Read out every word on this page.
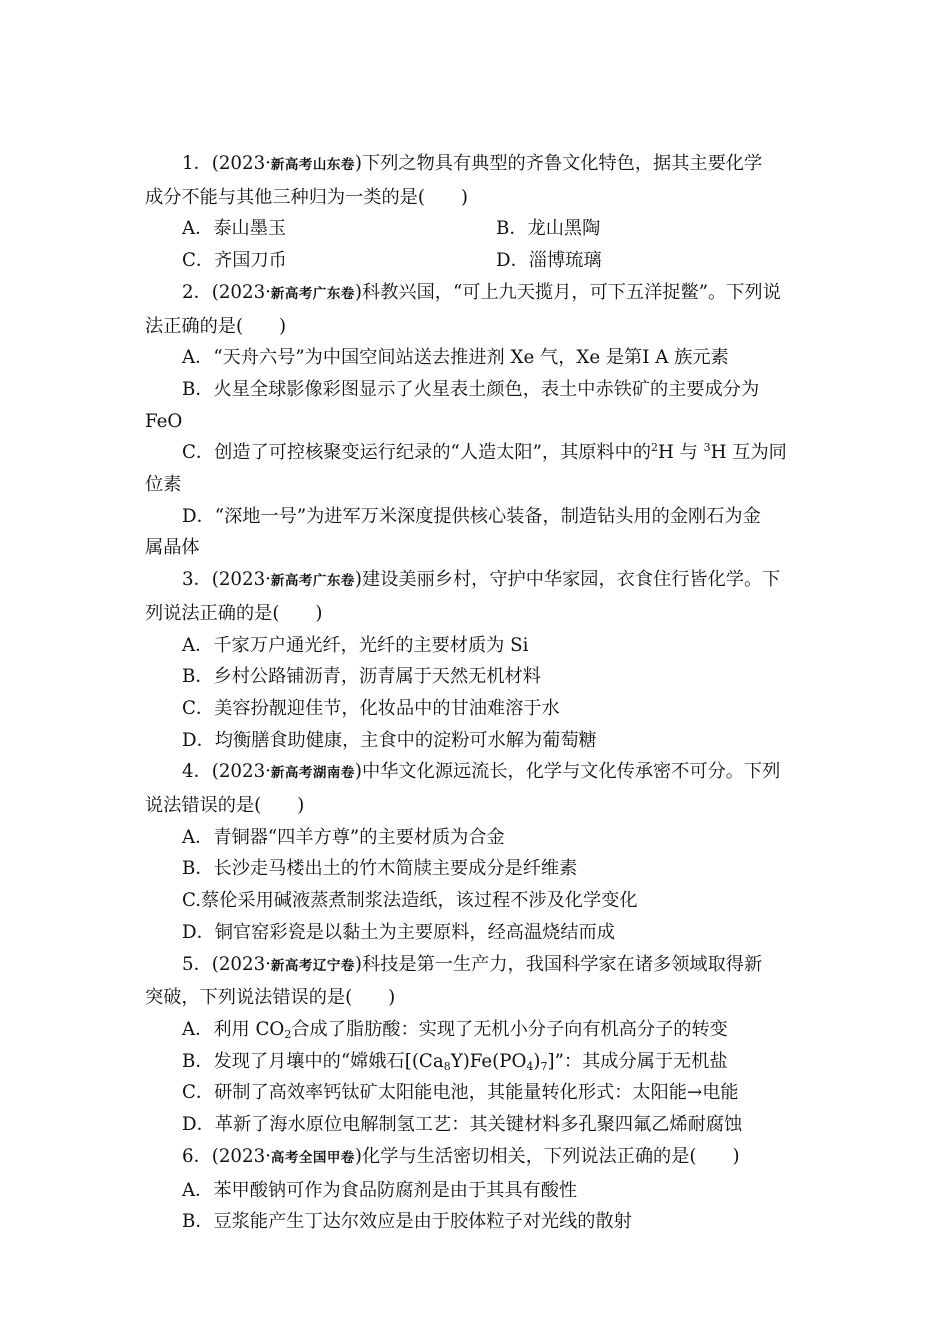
1．(2023·新高考山东卷)下列之物具有典型的齐鲁文化特色，据其主要化学
成分不能与其他三种归为一类的是( )
A．泰山墨玉	B．龙山黑陶
C．齐国刀币	D．淄博琉璃
2．(2023·新高考广东卷)科教兴国，“可上九天揽月，可下五洋捉鳖”。下列说
法正确的是( )
A．“天舟六号”为中国空间站送去推进剂 Xe 气，Xe 是第Ⅰ A 族元素
B．火星全球影像彩图显示了火星表土颜色，表土中赤铁矿的主要成分为
FeO
C．创造了可控核聚变运行纪录的“人造太阳”，其原料中的$^2$H 与 $^3$H 互为同
位素
D．“深地一号”为进军万米深度提供核心装备，制造钻头用的金刚石为金
属晶体
3．(2023·新高考广东卷)建设美丽乡村，守护中华家园，衣食住行皆化学。下
列说法正确的是( )
A．千家万户通光纤，光纤的主要材质为 Si
B．乡村公路铺沥青，沥青属于天然无机材料
C．美容扮靓迎佳节，化妆品中的甘油难溶于水
D．均衡膳食助健康，主食中的淀粉可水解为葡萄糖
4．(2023·新高考湖南卷)中华文化源远流长，化学与文化传承密不可分。下列
说法错误的是( )
A．青铜器“四羊方尊”的主要材质为合金
B．长沙走马楼出土的竹木简牍主要成分是纤维素
C.蔡伦采用碱液蒸煮制浆法造纸，该过程不涉及化学变化
D．铜官窑彩瓷是以黏土为主要原料，经高温烧结而成
5．(2023·新高考辽宁卷)科技是第一生产力，我国科学家在诸多领域取得新
突破，下列说法错误的是( )
A．利用 $CO_2$合成了脂肪酸：实现了无机小分子向有机高分子的转变
B．发现了月壤中的“嫦娥石$[(Ca_8Y)Fe(PO_4)_7]$”：其成分属于无机盐
C．研制了高效率钙钛矿太阳能电池，其能量转化形式：太阳能→电能
D．革新了海水原位电解制氢工艺：其关键材料多孔聚四氟乙烯耐腐蚀
6．(2023·高考全国甲卷)化学与生活密切相关，下列说法正确的是( )
A．苯甲酸钠可作为食品防腐剂是由于其具有酸性
B．豆浆能产生丁达尔效应是由于胶体粒子对光线的散射
